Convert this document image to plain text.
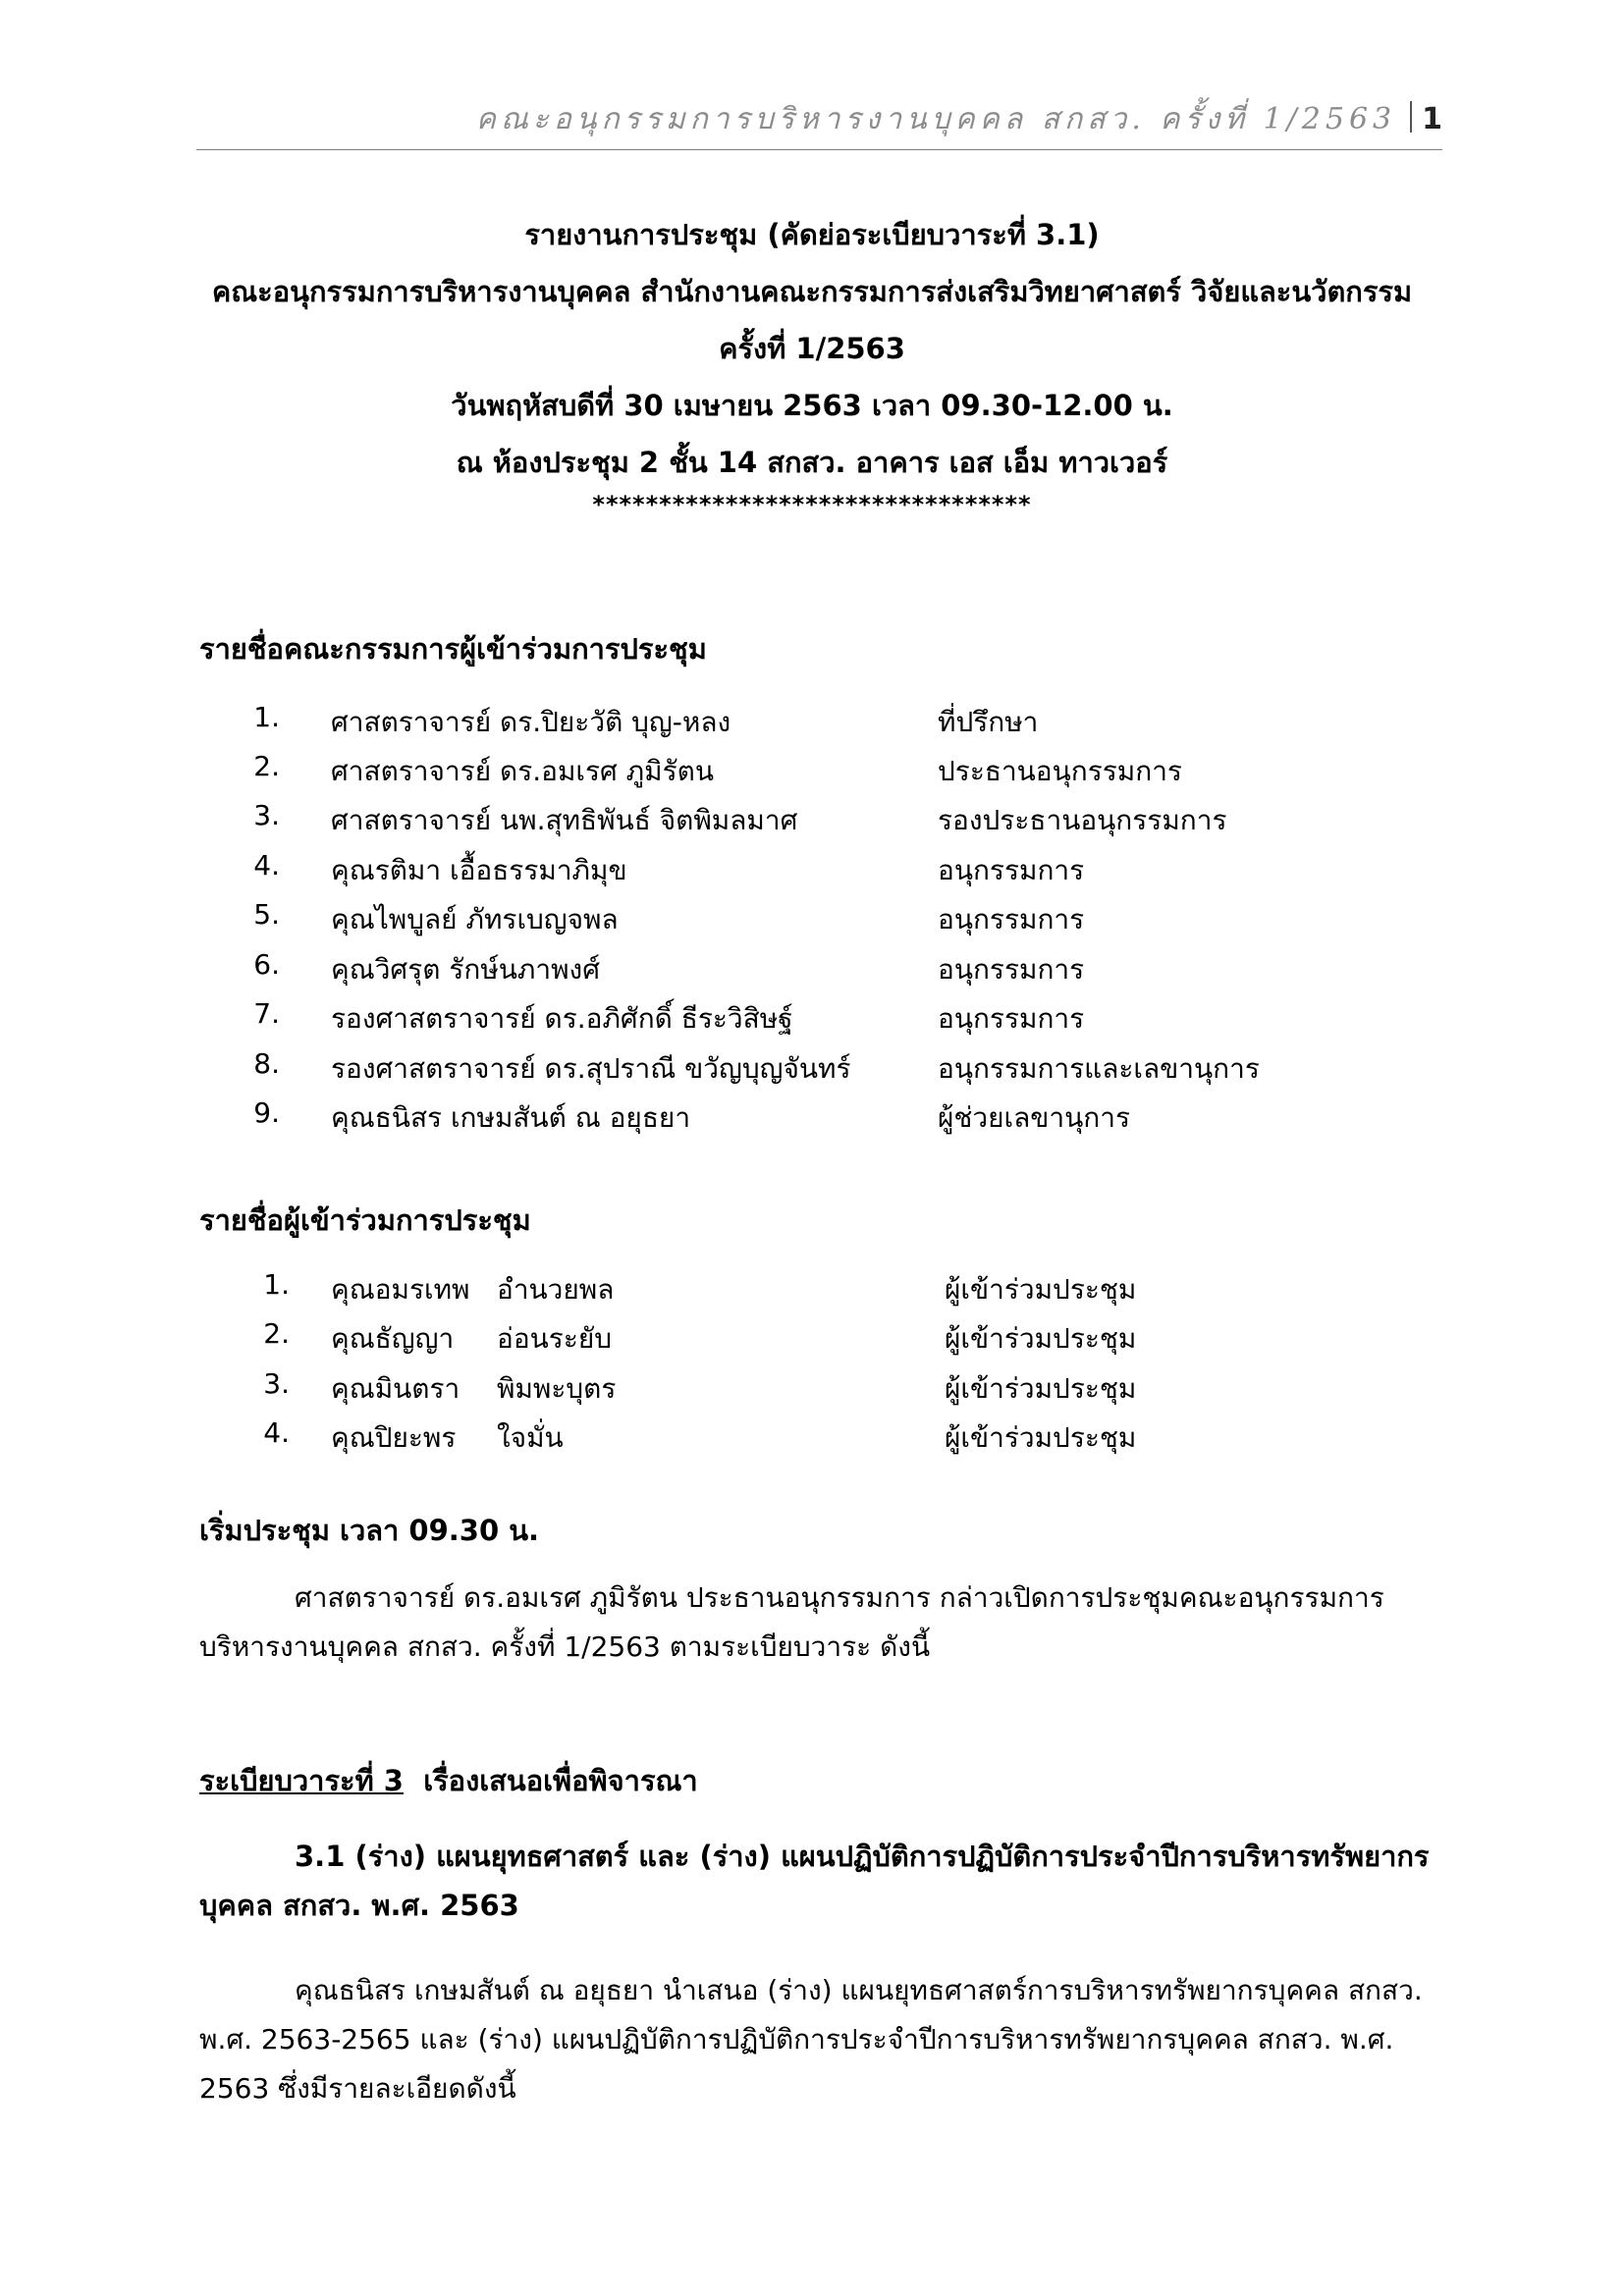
คณะอนุกรรมการบริหารงานบุคคล สกสว. ครั้งที่ 1/2563 1
รายงานการประชุม (คัดย่อระเบียบวาระที่ 3.1)
คณะอนุกรรมการบริหารงานบุคคล สำนักงานคณะกรรมการส่งเสริมวิทยาศาสตร์ วิจัยและนวัตกรรม
ครั้งที่ 1/2563
วันพฤหัสบดีที่ 30 เมษายน 2563 เวลา 09.30-12.00 น.
ณ ห้องประชุม 2 ชั้น 14 สกสว. อาคาร เอส เอ็ม ทาวเวอร์
*********************************
รายชื่อคณะกรรมการผู้เข้าร่วมการประชุม
1. ศาสตราจารย์ ดร.ปิยะวัติ บุญ-หลง	ที่ปรึกษา
2. ศาสตราจารย์ ดร.อมเรศ ภูมิรัตน	ประธานอนุกรรมการ
3. ศาสตราจารย์ นพ.สุทธิพันธ์ จิตพิมลมาศ	รองประธานอนุกรรมการ
4. คุณรติมา เอื้อธรรมาภิมุข	อนุกรรมการ
5. คุณไพบูลย์ ภัทรเบญจพล	อนุกรรมการ
6. คุณวิศรุต รักษ์นภาพงศ์	อนุกรรมการ
7. รองศาสตราจารย์ ดร.อภิศักดิ์ ธีระวิสิษฐ์	อนุกรรมการ
8. รองศาสตราจารย์ ดร.สุปราณี ขวัญบุญจันทร์	อนุกรรมการและเลขานุการ
9. คุณธนิสร เกษมสันต์ ณ อยุธยา	ผู้ช่วยเลขานุการ
รายชื่อผู้เข้าร่วมการประชุม
1. คุณอมรเทพ อำนวยพล	ผู้เข้าร่วมประชุม
2. คุณธัญญา อ่อนระยับ	ผู้เข้าร่วมประชุม
3. คุณมินตรา พิมพะบุตร	ผู้เข้าร่วมประชุม
4. คุณปิยะพร ใจมั่น	ผู้เข้าร่วมประชุม
เริ่มประชุม เวลา 09.30 น.
ศาสตราจารย์ ดร.อมเรศ ภูมิรัตน ประธานอนุกรรมการ กล่าวเปิดการประชุมคณะอนุกรรมการบริหารงานบุคคล สกสว. ครั้งที่ 1/2563 ตามระเบียบวาระ ดังนี้
ระเบียบวาระที่ 3 เรื่องเสนอเพื่อพิจารณา
3.1 (ร่าง) แผนยุทธศาสตร์ และ (ร่าง) แผนปฏิบัติการปฏิบัติการประจำปีการบริหารทรัพยากรบุคคล สกสว. พ.ศ. 2563
คุณธนิสร เกษมสันต์ ณ อยุธยา นำเสนอ (ร่าง) แผนยุทธศาสตร์การบริหารทรัพยากรบุคคล สกสว. พ.ศ. 2563-2565 และ (ร่าง) แผนปฏิบัติการปฏิบัติการประจำปีการบริหารทรัพยากรบุคคล สกสว. พ.ศ. 2563 ซึ่งมีรายละเอียดดังนี้
